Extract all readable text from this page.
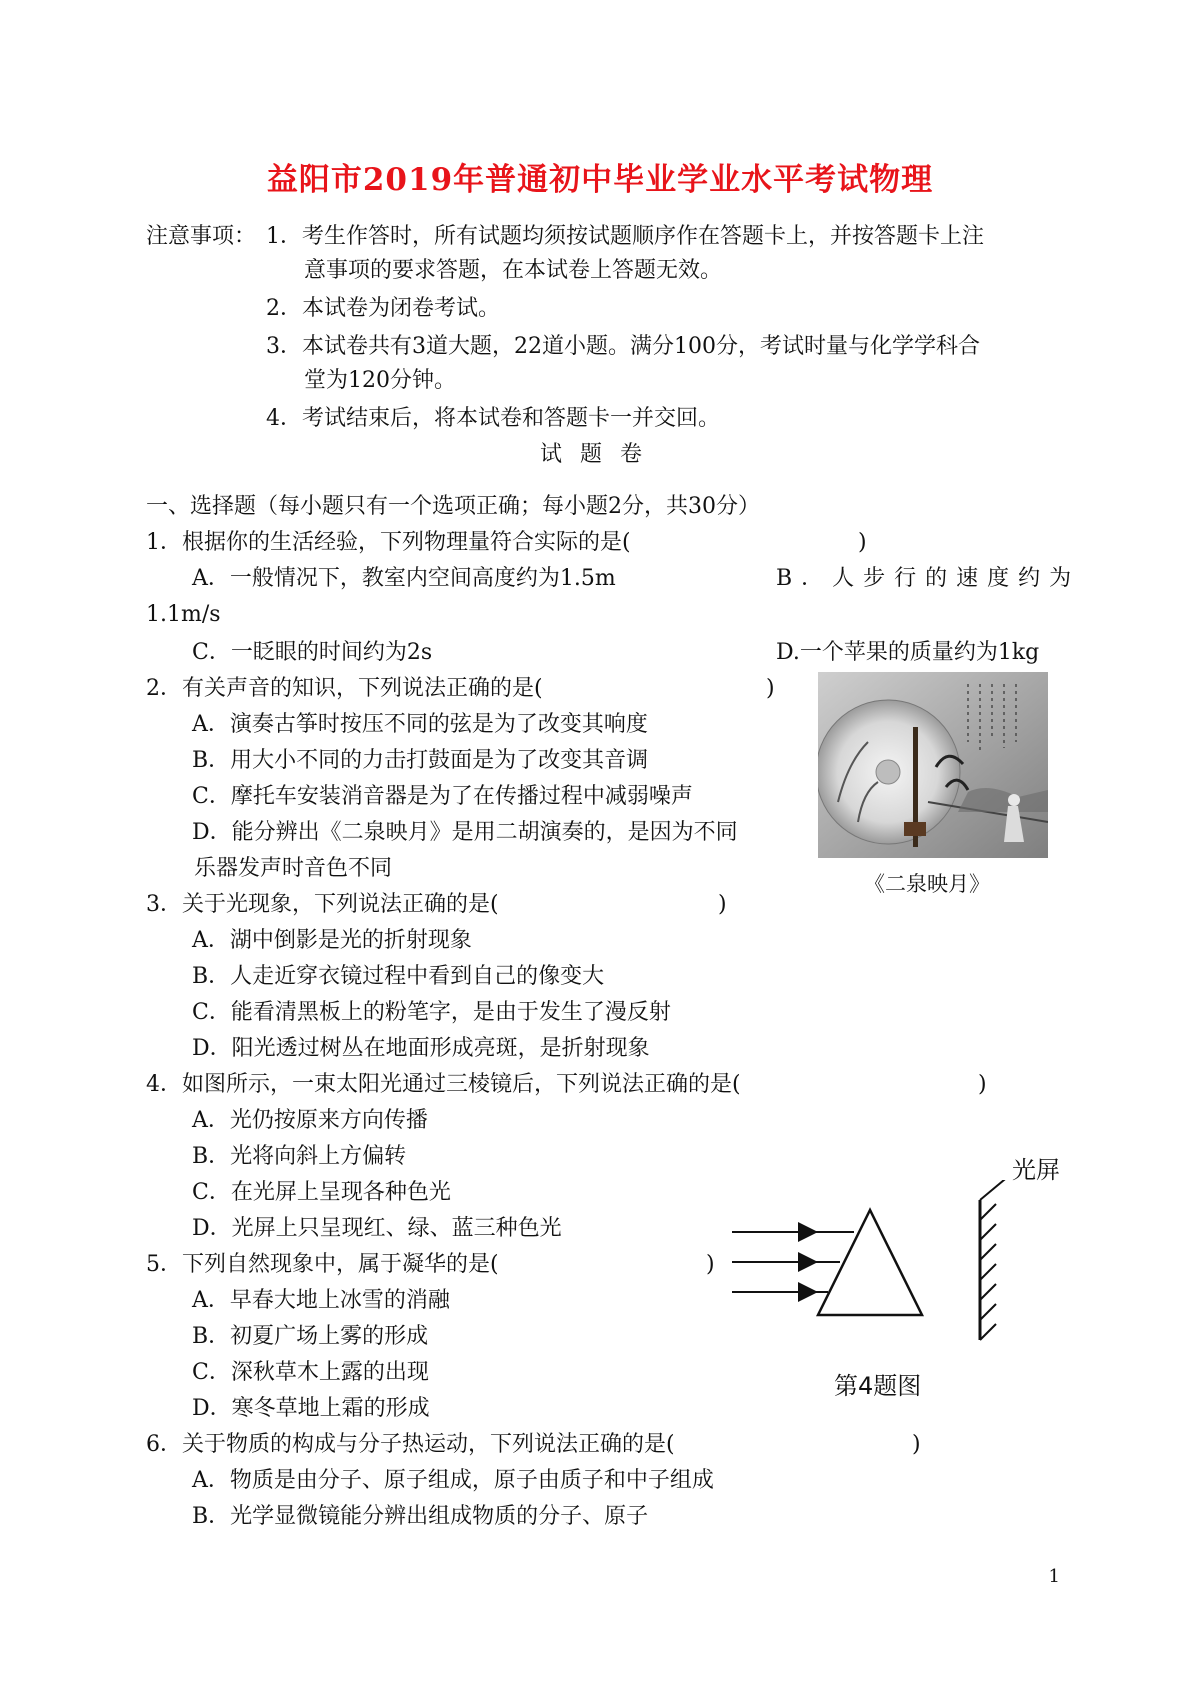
益阳市2019年普通初中毕业学业水平考试物理
注意事项： 1．考生作答时，所有试题均须按试题顺序作在答题卡上，并按答题卡上注
意事项的要求答题，在本试卷上答题无效。
2．本试卷为闭卷考试。
3．本试卷共有3道大题，22道小题。满分100分，考试时量与化学学科合
堂为120分钟。
4．考试结束后，将本试卷和答题卡一并交回。
试题卷
一、选择题（每小题只有一个选项正确；每小题2分，共30分）
1．根据你的生活经验，下列物理量符合实际的是(	)
A．一般情况下，教室内空间高度约为1.5m	B．人步行的速度约为
1.1m/s
C．一眨眼的时间约为2s	D.一个苹果的质量约为1kg
2．有关声音的知识，下列说法正确的是(	)
A．演奏古筝时按压不同的弦是为了改变其响度
B．用大小不同的力击打鼓面是为了改变其音调
C．摩托车安装消音器是为了在传播过程中减弱噪声
D．能分辨出《二泉映月》是用二胡演奏的，是因为不同
乐器发声时音色不同
《二泉映月》
3．关于光现象，下列说法正确的是(	)
A．湖中倒影是光的折射现象
B．人走近穿衣镜过程中看到自己的像变大
C．能看清黑板上的粉笔字，是由于发生了漫反射
D．阳光透过树丛在地面形成亮斑，是折射现象
4．如图所示，一束太阳光通过三棱镜后，下列说法正确的是(	)
A．光仍按原来方向传播
B．光将向斜上方偏转
C．在光屏上呈现各种色光
D．光屏上只呈现红、绿、蓝三种色光
光屏
第4题图
5．下列自然现象中，属于凝华的是(	)
A．早春大地上冰雪的消融
B．初夏广场上雾的形成
C．深秋草木上露的出现
D．寒冬草地上霜的形成
6．关于物质的构成与分子热运动，下列说法正确的是(	)
A．物质是由分子、原子组成，原子由质子和中子组成
B．光学显微镜能分辨出组成物质的分子、原子
1
